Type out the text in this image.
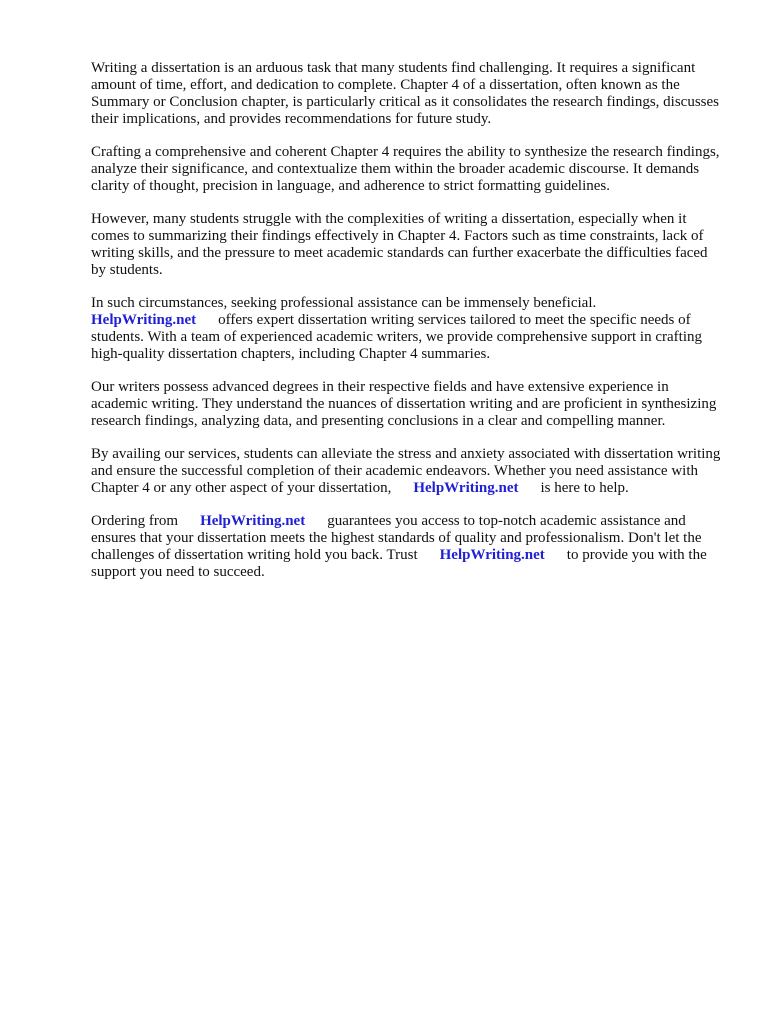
Writing a dissertation is an arduous task that many students find challenging. It requires a significant amount of time, effort, and dedication to complete. Chapter 4 of a dissertation, often known as the Summary or Conclusion chapter, is particularly critical as it consolidates the research findings, discusses their implications, and provides recommendations for future study.

Crafting a comprehensive and coherent Chapter 4 requires the ability to synthesize the research findings, analyze their significance, and contextualize them within the broader academic discourse. It demands clarity of thought, precision in language, and adherence to strict formatting guidelines.

However, many students struggle with the complexities of writing a dissertation, especially when it comes to summarizing their findings effectively in Chapter 4. Factors such as time constraints, lack of writing skills, and the pressure to meet academic standards can further exacerbate the difficulties faced by students.

In such circumstances, seeking professional assistance can be immensely beneficial.
HelpWriting.net offers expert dissertation writing services tailored to meet the specific needs of students. With a team of experienced academic writers, we provide comprehensive support in crafting high-quality dissertation chapters, including Chapter 4 summaries.

Our writers possess advanced degrees in their respective fields and have extensive experience in academic writing. They understand the nuances of dissertation writing and are proficient in synthesizing research findings, analyzing data, and presenting conclusions in a clear and compelling manner.

By availing our services, students can alleviate the stress and anxiety associated with dissertation writing and ensure the successful completion of their academic endeavors. Whether you need assistance with Chapter 4 or any other aspect of your dissertation, HelpWriting.net is here to help.

Ordering from HelpWriting.net guarantees you access to top-notch academic assistance and ensures that your dissertation meets the highest standards of quality and professionalism. Don't let the challenges of dissertation writing hold you back. Trust HelpWriting.net to provide you with the support you need to succeed.
